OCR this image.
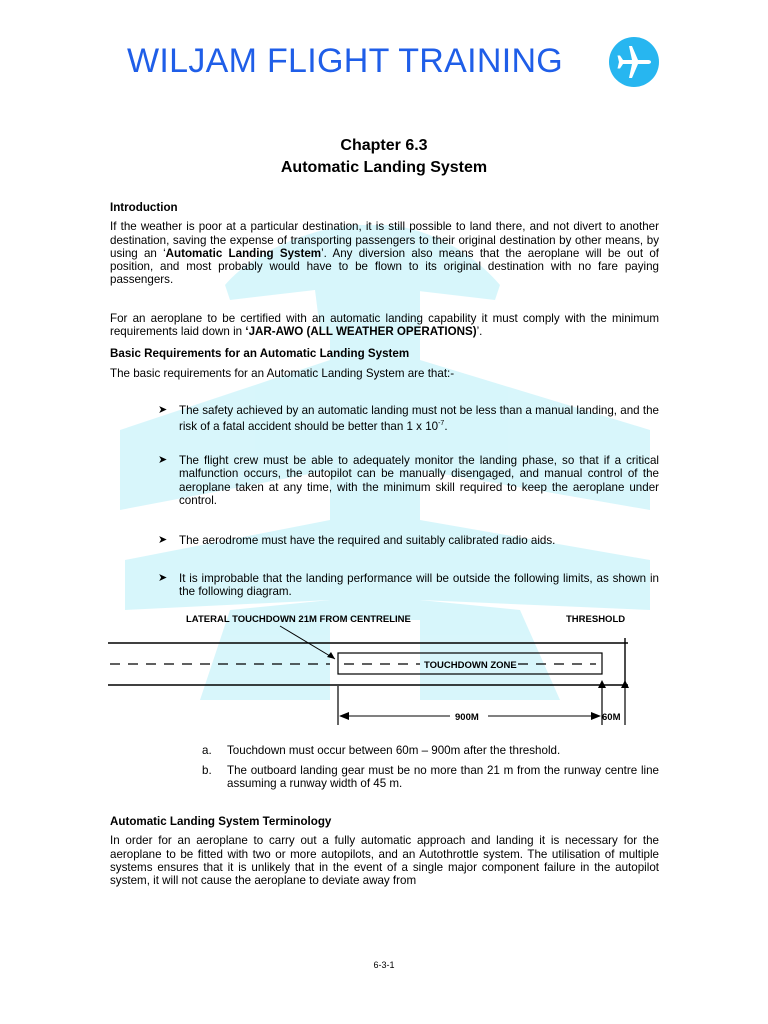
WILJAM FLIGHT TRAINING
Chapter 6.3
Automatic Landing System
Introduction

If the weather is poor at a particular destination, it is still possible to land there, and not divert to another destination, saving the expense of transporting passengers to their original destination by other means, by using an ‘Automatic Landing System’. Any diversion also means that the aeroplane will be out of position, and most probably would have to be flown to its original destination with no fare paying passengers.

For an aeroplane to be certified with an automatic landing capability it must comply with the minimum requirements laid down in ‘JAR-AWO (ALL WEATHER OPERATIONS)’.

Basic Requirements for an Automatic Landing System

The basic requirements for an Automatic Landing System are that:-

➤	The safety achieved by an automatic landing must not be less than a manual landing, and the risk of a fatal accident should be better than 1 x $10^{-7}$.
➤	The flight crew must be able to adequately monitor the landing phase, so that if a critical malfunction occurs, the autopilot can be manually disengaged, and manual control of the aeroplane taken at any time, with the minimum skill required to keep the aeroplane under control.
➤	The aerodrome must have the required and suitably calibrated radio aids.
➤	It is improbable that the landing performance will be outside the following limits, as shown in the following diagram.
LATERAL TOUCHDOWN 21M FROM CENTRELINE	THRESHOLD
TOUCHDOWN ZONE
900M	60M
a.	Touchdown must occur between 60m – 900m after the threshold.
b.	The outboard landing gear must be no more than 21 m from the runway centre line assuming a runway width of 45 m.
Automatic Landing System Terminology

In order for an aeroplane to carry out a fully automatic approach and landing it is necessary for the aeroplane to be fitted with two or more autopilots, and an Autothrottle system. The utilisation of multiple systems ensures that it is unlikely that in the event of a single major component failure in the autopilot system, it will not cause the aeroplane to deviate away from

6-3-1
